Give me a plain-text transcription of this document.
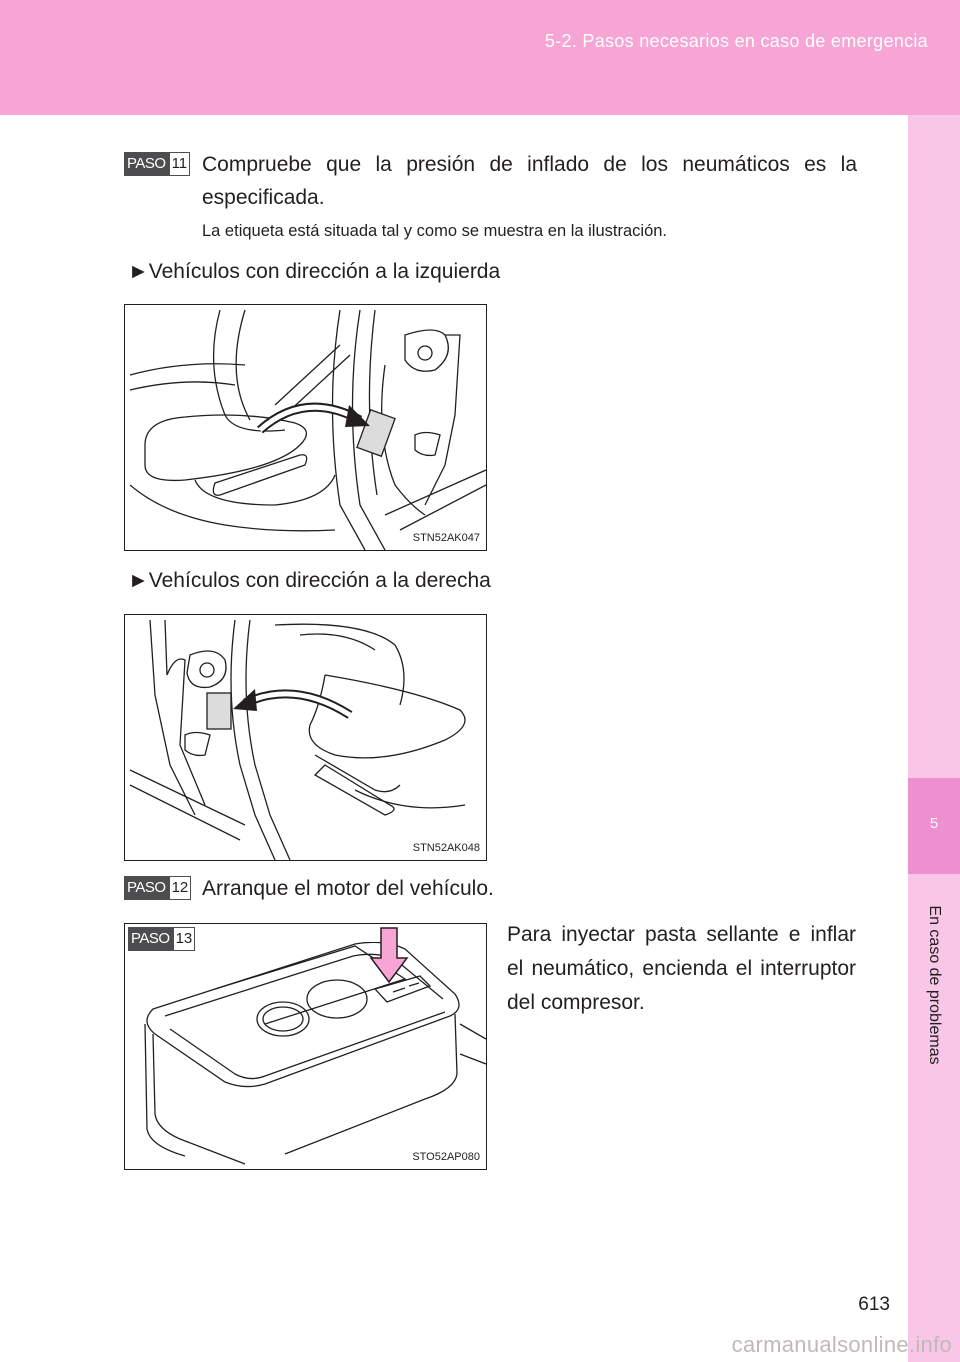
5-2. Pasos necesarios en caso de emergencia
5
En caso de problemas
PASO 11 Compruebe que la presión de inflado de los neumáticos es la especificada.
La etiqueta está situada tal y como se muestra en la ilustración.
►Vehículos con dirección a la izquierda
STN52AK047
►Vehículos con dirección a la derecha
STN52AK048
PASO 12 Arranque el motor del vehículo.
PASO 13
STO52AP080
Para inyectar pasta sellante e inflar el neumático, encienda el interruptor del compresor.
613
carmanualsonline.info
